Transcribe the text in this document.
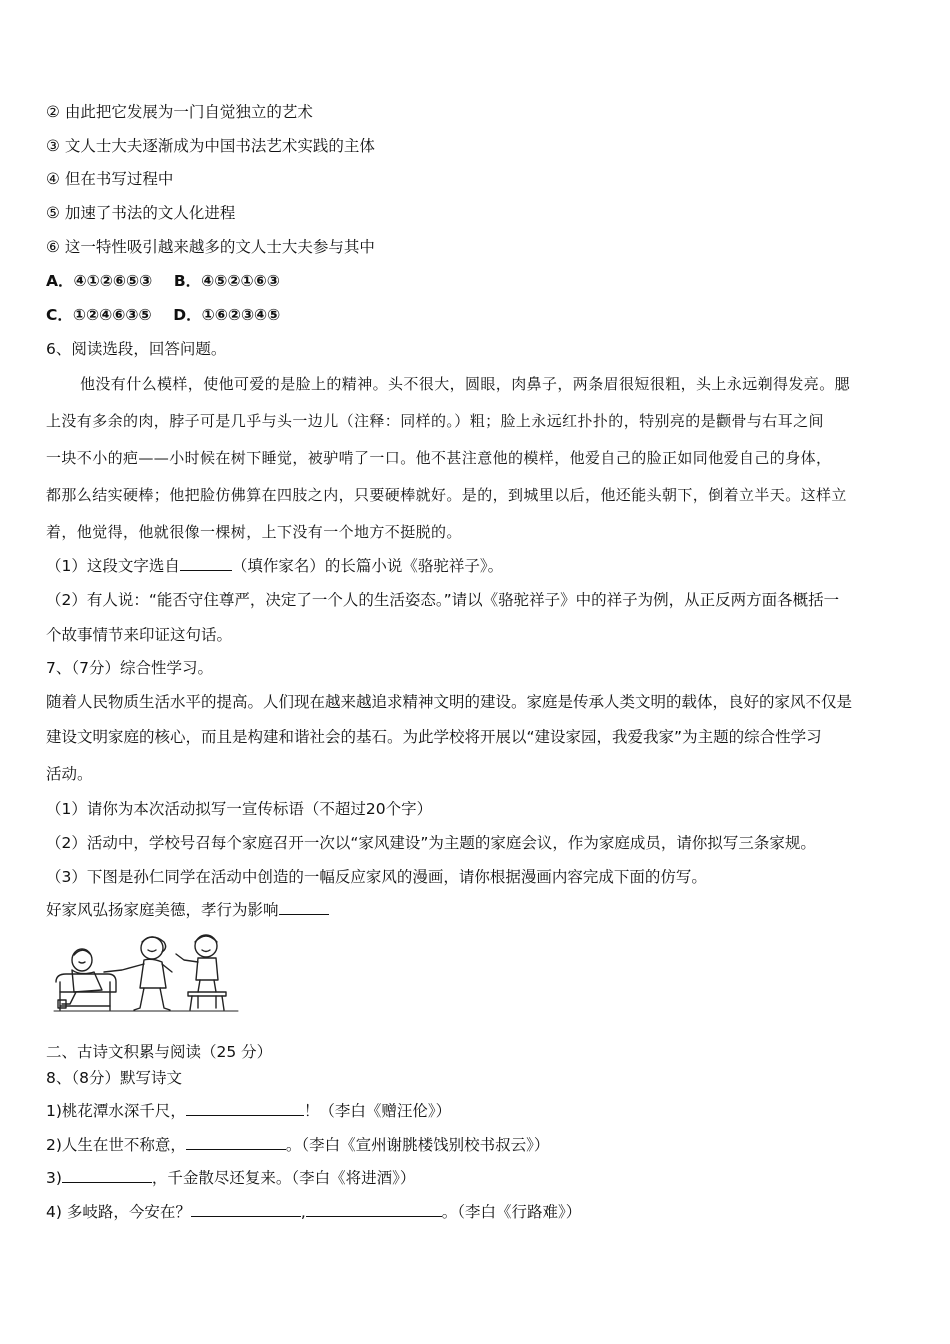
② 由此把它发展为一门自觉独立的艺术
③ 文人士大夫逐渐成为中国书法艺术实践的主体
④ 但在书写过程中
⑤ 加速了书法的文人化进程
⑥ 这一特性吸引越来越多的文人士大夫参与其中
A．④①②⑥⑤③    B．④⑤②①⑥③
C．①②④⑥③⑤    D．①⑥②③④⑤
6、阅读选段，回答问题。
他没有什么模样，使他可爱的是脸上的精神。头不很大，圆眼，肉鼻子，两条眉很短很粗，头上永远剃得发亮。腮
上没有多余的肉，脖子可是几乎与头一边儿（注释：同样的。）粗；脸上永远红扑扑的，特别亮的是颧骨与右耳之间
一块不小的疤——小时候在树下睡觉，被驴啃了一口。他不甚注意他的模样，他爱自己的脸正如同他爱自己的身体，
都那么结实硬棒；他把脸仿佛算在四肢之内，只要硬棒就好。是的，到城里以后，他还能头朝下，倒着立半天。这样立
着，他觉得，他就很像一棵树，上下没有一个地方不挺脱的。
（1）这段文字选自	（填作家名）的长篇小说《骆驼祥子》。
（2）有人说：“能否守住尊严，决定了一个人的生活姿态。”请以《骆驼祥子》中的祥子为例，从正反两方面各概括一
个故事情节来印证这句话。
7、（7分）综合性学习。
随着人民物质生活水平的提高。人们现在越来越追求精神文明的建设。家庭是传承人类文明的载体，良好的家风不仅是
建设文明家庭的核心，而且是构建和谐社会的基石。为此学校将开展以“建设家园，我爱我家”为主题的综合性学习
活动。
（1）请你为本次活动拟写一宣传标语（不超过20个字）
（2）活动中，学校号召每个家庭召开一次以“家风建设”为主题的家庭会议，作为家庭成员，请你拟写三条家规。
（3）下图是孙仁同学在活动中创造的一幅反应家风的漫画，请你根据漫画内容完成下面的仿写。
好家风弘扬家庭美德，孝行为影响
二、古诗文积累与阅读（25 分）
8、（8分）默写诗文
1)桃花潭水深千尺，	！（李白《赠汪伦》）
2)人生在世不称意，	。（李白《宣州谢朓楼饯别校书叔云》）
3)	，千金散尽还复来。（李白《将进酒》）
4) 多岐路，今安在？	,	。（李白《行路难》）
